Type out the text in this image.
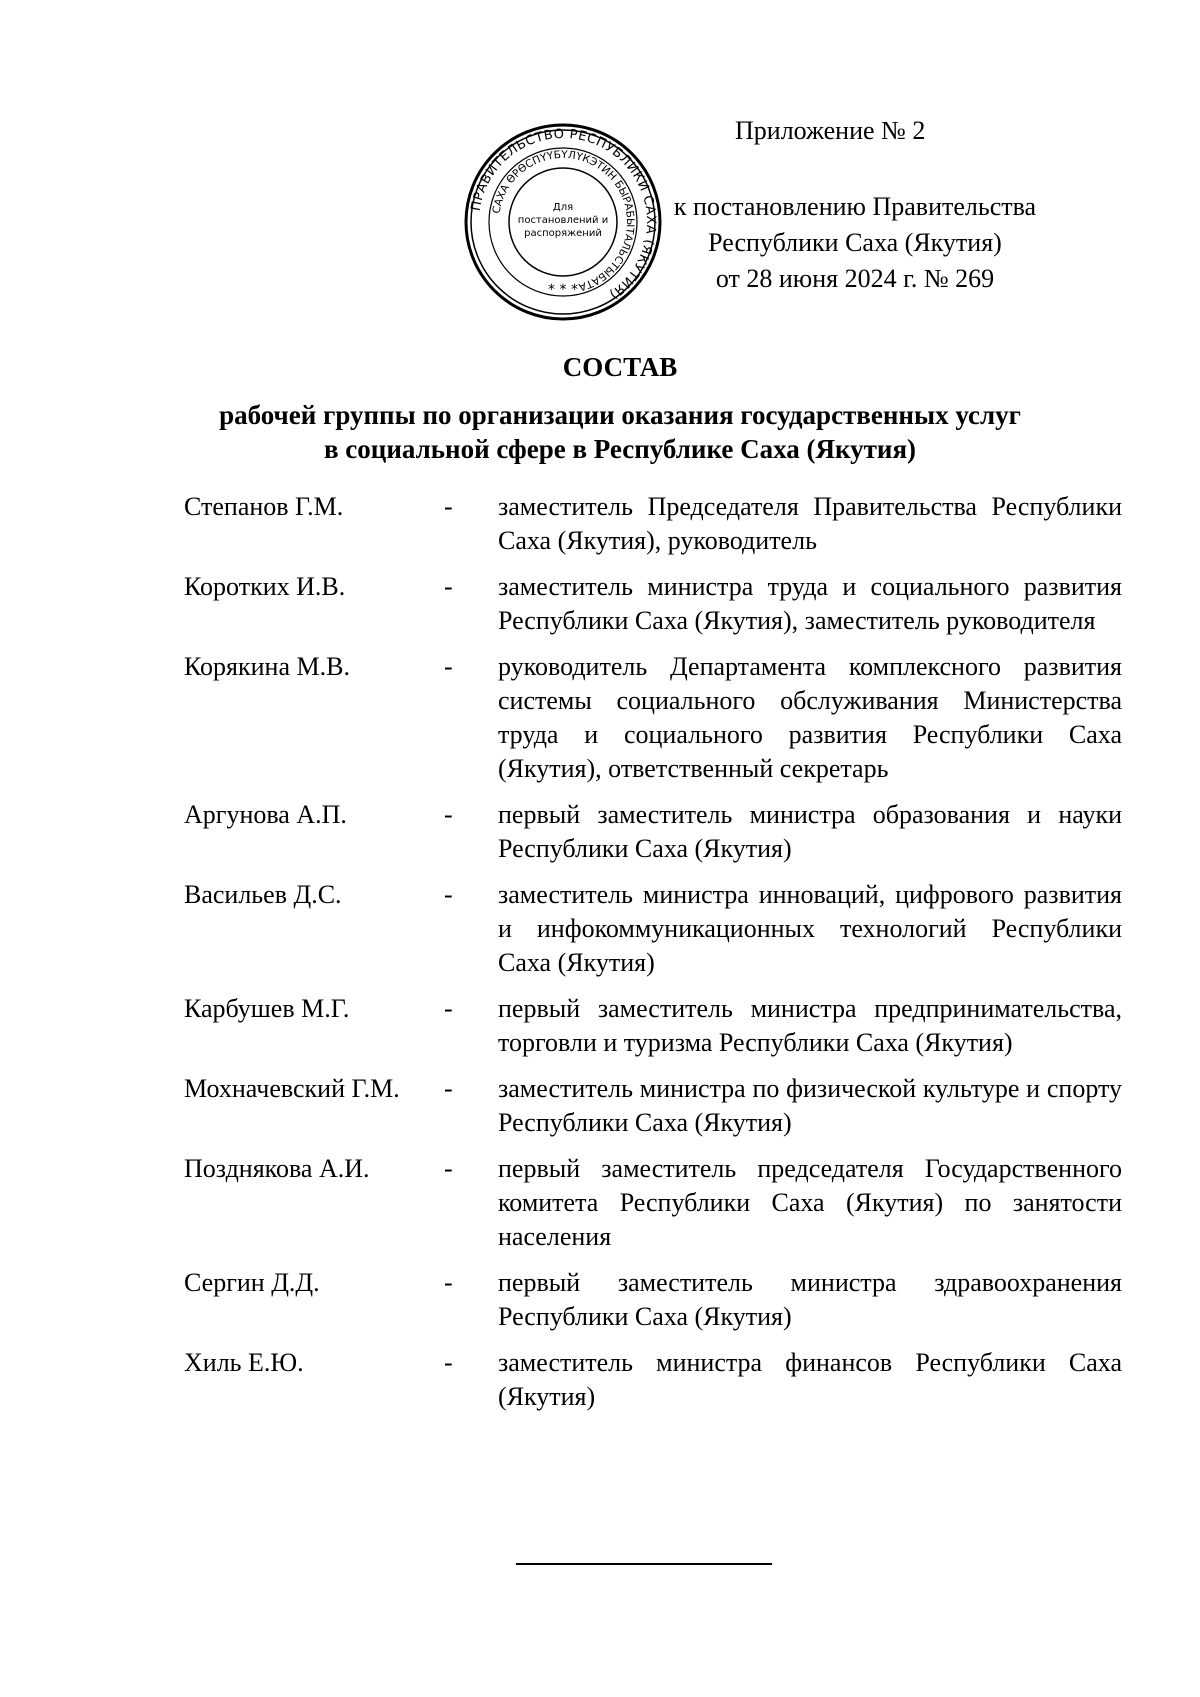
ПРАВИТЕЛЬСТВО РЕСПУБЛИКИ САХА (ЯКУТИЯ)
САХА ӨРӨСПҮҮБҮЛҮКЭТИН БЫРАБЫТАЛЬСТЫБАТА
Для
постановлений и
распоряжений
* * *
Приложение № 2
к постановлению Правительства
Республики Саха (Якутия)
от 28 июня 2024 г. № 269
СОСТАВ
рабочей группы по организации оказания государственных услуг
в социальной сфере в Республике Саха (Якутия)
Степанов Г.М.	-	заместитель Председателя Правительства Республики Саха (Якутия), руководитель
Коротких И.В.	-	заместитель министра труда и социального развития Республики Саха (Якутия), заместитель руководителя
Корякина М.В.	-	руководитель Департамента комплексного развития системы социального обслуживания Министерства труда и социального развития Республики Саха (Якутия), ответственный секретарь
Аргунова А.П.	-	первый заместитель министра образования и науки Республики Саха (Якутия)
Васильев Д.С.	-	заместитель министра инноваций, цифрового развития и инфокоммуникационных технологий Республики Саха (Якутия)
Карбушев М.Г.	-	первый заместитель министра предпринимательства, торговли и туризма Республики Саха (Якутия)
Мохначевский Г.М.	-	заместитель министра по физической культуре и спорту Республики Саха (Якутия)
Позднякова А.И.	-	первый заместитель председателя Государственного комитета Республики Саха (Якутия) по занятости населения
Сергин Д.Д.	-	первый заместитель министра здравоохранения Республики Саха (Якутия)
Хиль Е.Ю.	-	заместитель министра финансов Республики Саха (Якутия)
